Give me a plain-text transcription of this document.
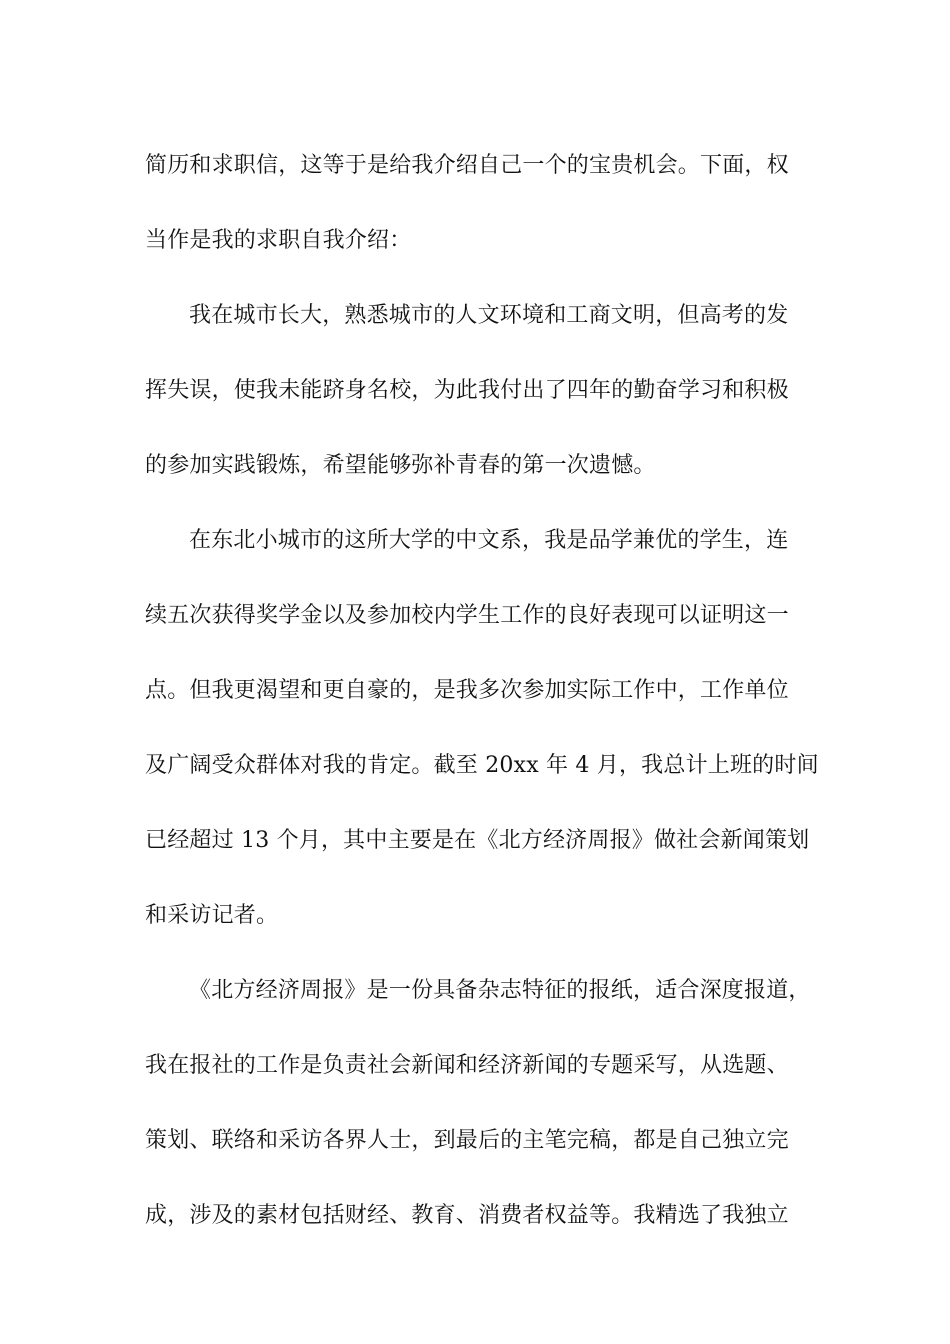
简历和求职信，这等于是给我介绍自己一个的宝贵机会。下面，权
当作是我的求职自我介绍：
我在城市长大，熟悉城市的人文环境和工商文明，但高考的发
挥失误，使我未能跻身名校，为此我付出了四年的勤奋学习和积极
的参加实践锻炼，希望能够弥补青春的第一次遗憾。
在东北小城市的这所大学的中文系，我是品学兼优的学生，连
续五次获得奖学金以及参加校内学生工作的良好表现可以证明这一
点。但我更渴望和更自豪的，是我多次参加实际工作中，工作单位
及广阔受众群体对我的肯定。截至 20xx 年 4 月，我总计上班的时间
已经超过 13 个月，其中主要是在《北方经济周报》做社会新闻策划
和采访记者。
《北方经济周报》是一份具备杂志特征的报纸，适合深度报道，
我在报社的工作是负责社会新闻和经济新闻的专题采写，从选题、
策划、联络和采访各界人士，到最后的主笔完稿，都是自己独立完
成，涉及的素材包括财经、教育、消费者权益等。我精选了我独立
